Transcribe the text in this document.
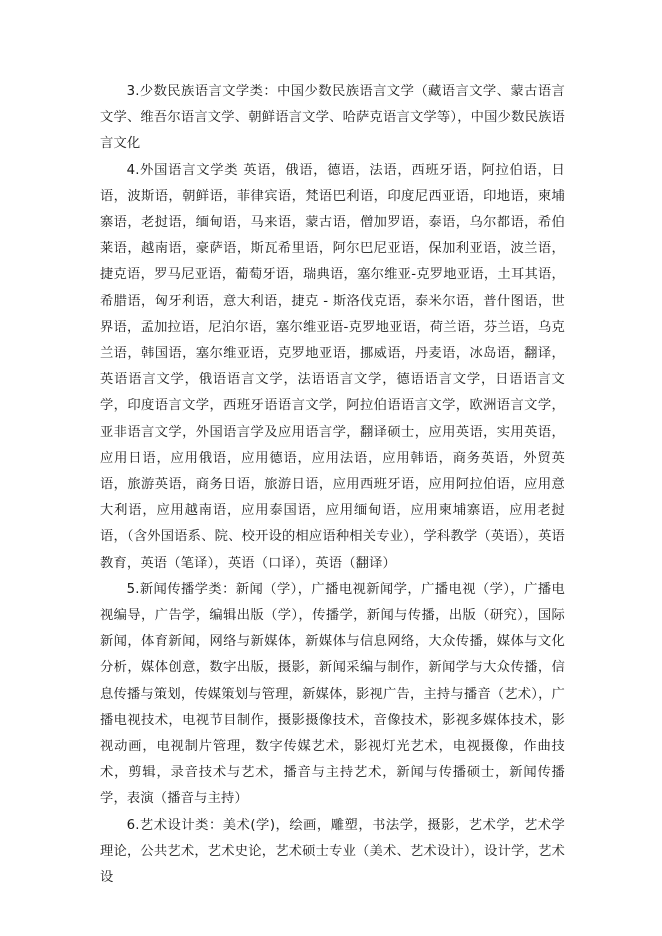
3.少数民族语言文学类：中国少数民族语言文学（藏语言文学、蒙古语言文学、维吾尔语言文学、朝鲜语言文学、哈萨克语言文学等），中国少数民族语言文化

4.外国语言文学类 英语，俄语，德语，法语，西班牙语，阿拉伯语，日语，波斯语，朝鲜语，菲律宾语，梵语巴利语，印度尼西亚语，印地语，柬埔寨语，老挝语，缅甸语，马来语，蒙古语，僧加罗语，泰语，乌尔都语，希伯莱语，越南语，豪萨语，斯瓦希里语，阿尔巴尼亚语，保加利亚语，波兰语，捷克语，罗马尼亚语，葡萄牙语，瑞典语，塞尔维亚-克罗地亚语，土耳其语，希腊语，匈牙利语，意大利语，捷克 - 斯洛伐克语，泰米尔语，普什图语，世界语，孟加拉语，尼泊尔语，塞尔维亚语-克罗地亚语，荷兰语，芬兰语，乌克兰语，韩国语，塞尔维亚语，克罗地亚语，挪威语，丹麦语，冰岛语，翻译，英语语言文学，俄语语言文学，法语语言文学，德语语言文学，日语语言文学，印度语言文学，西班牙语语言文学，阿拉伯语语言文学，欧洲语言文学，亚非语言文学，外国语言学及应用语言学，翻译硕士，应用英语，实用英语，应用日语，应用俄语，应用德语，应用法语，应用韩语，商务英语，外贸英语，旅游英语，商务日语，旅游日语，应用西班牙语，应用阿拉伯语，应用意大利语，应用越南语，应用泰国语，应用缅甸语，应用柬埔寨语，应用老挝语，（含外国语系、院、校开设的相应语种相关专业），学科教学（英语），英语教育，英语（笔译），英语（口译），英语（翻译）

5.新闻传播学类：新闻（学），广播电视新闻学，广播电视（学），广播电视编导，广告学，编辑出版（学），传播学，新闻与传播，出版（研究），国际新闻，体育新闻，网络与新媒体，新媒体与信息网络，大众传播，媒体与文化分析，媒体创意，数字出版，摄影，新闻采编与制作，新闻学与大众传播，信息传播与策划，传媒策划与管理，新媒体，影视广告，主持与播音（艺术），广播电视技术，电视节目制作，摄影摄像技术，音像技术，影视多媒体技术，影视动画，电视制片管理，数字传媒艺术，影视灯光艺术，电视摄像，作曲技术，剪辑，录音技术与艺术，播音与主持艺术，新闻与传播硕士，新闻传播学，表演（播音与主持）

6.艺术设计类：美术(学)，绘画，雕塑，书法学，摄影，艺术学，艺术学理论，公共艺术，艺术史论，艺术硕士专业（美术、艺术设计），设计学，艺术设
